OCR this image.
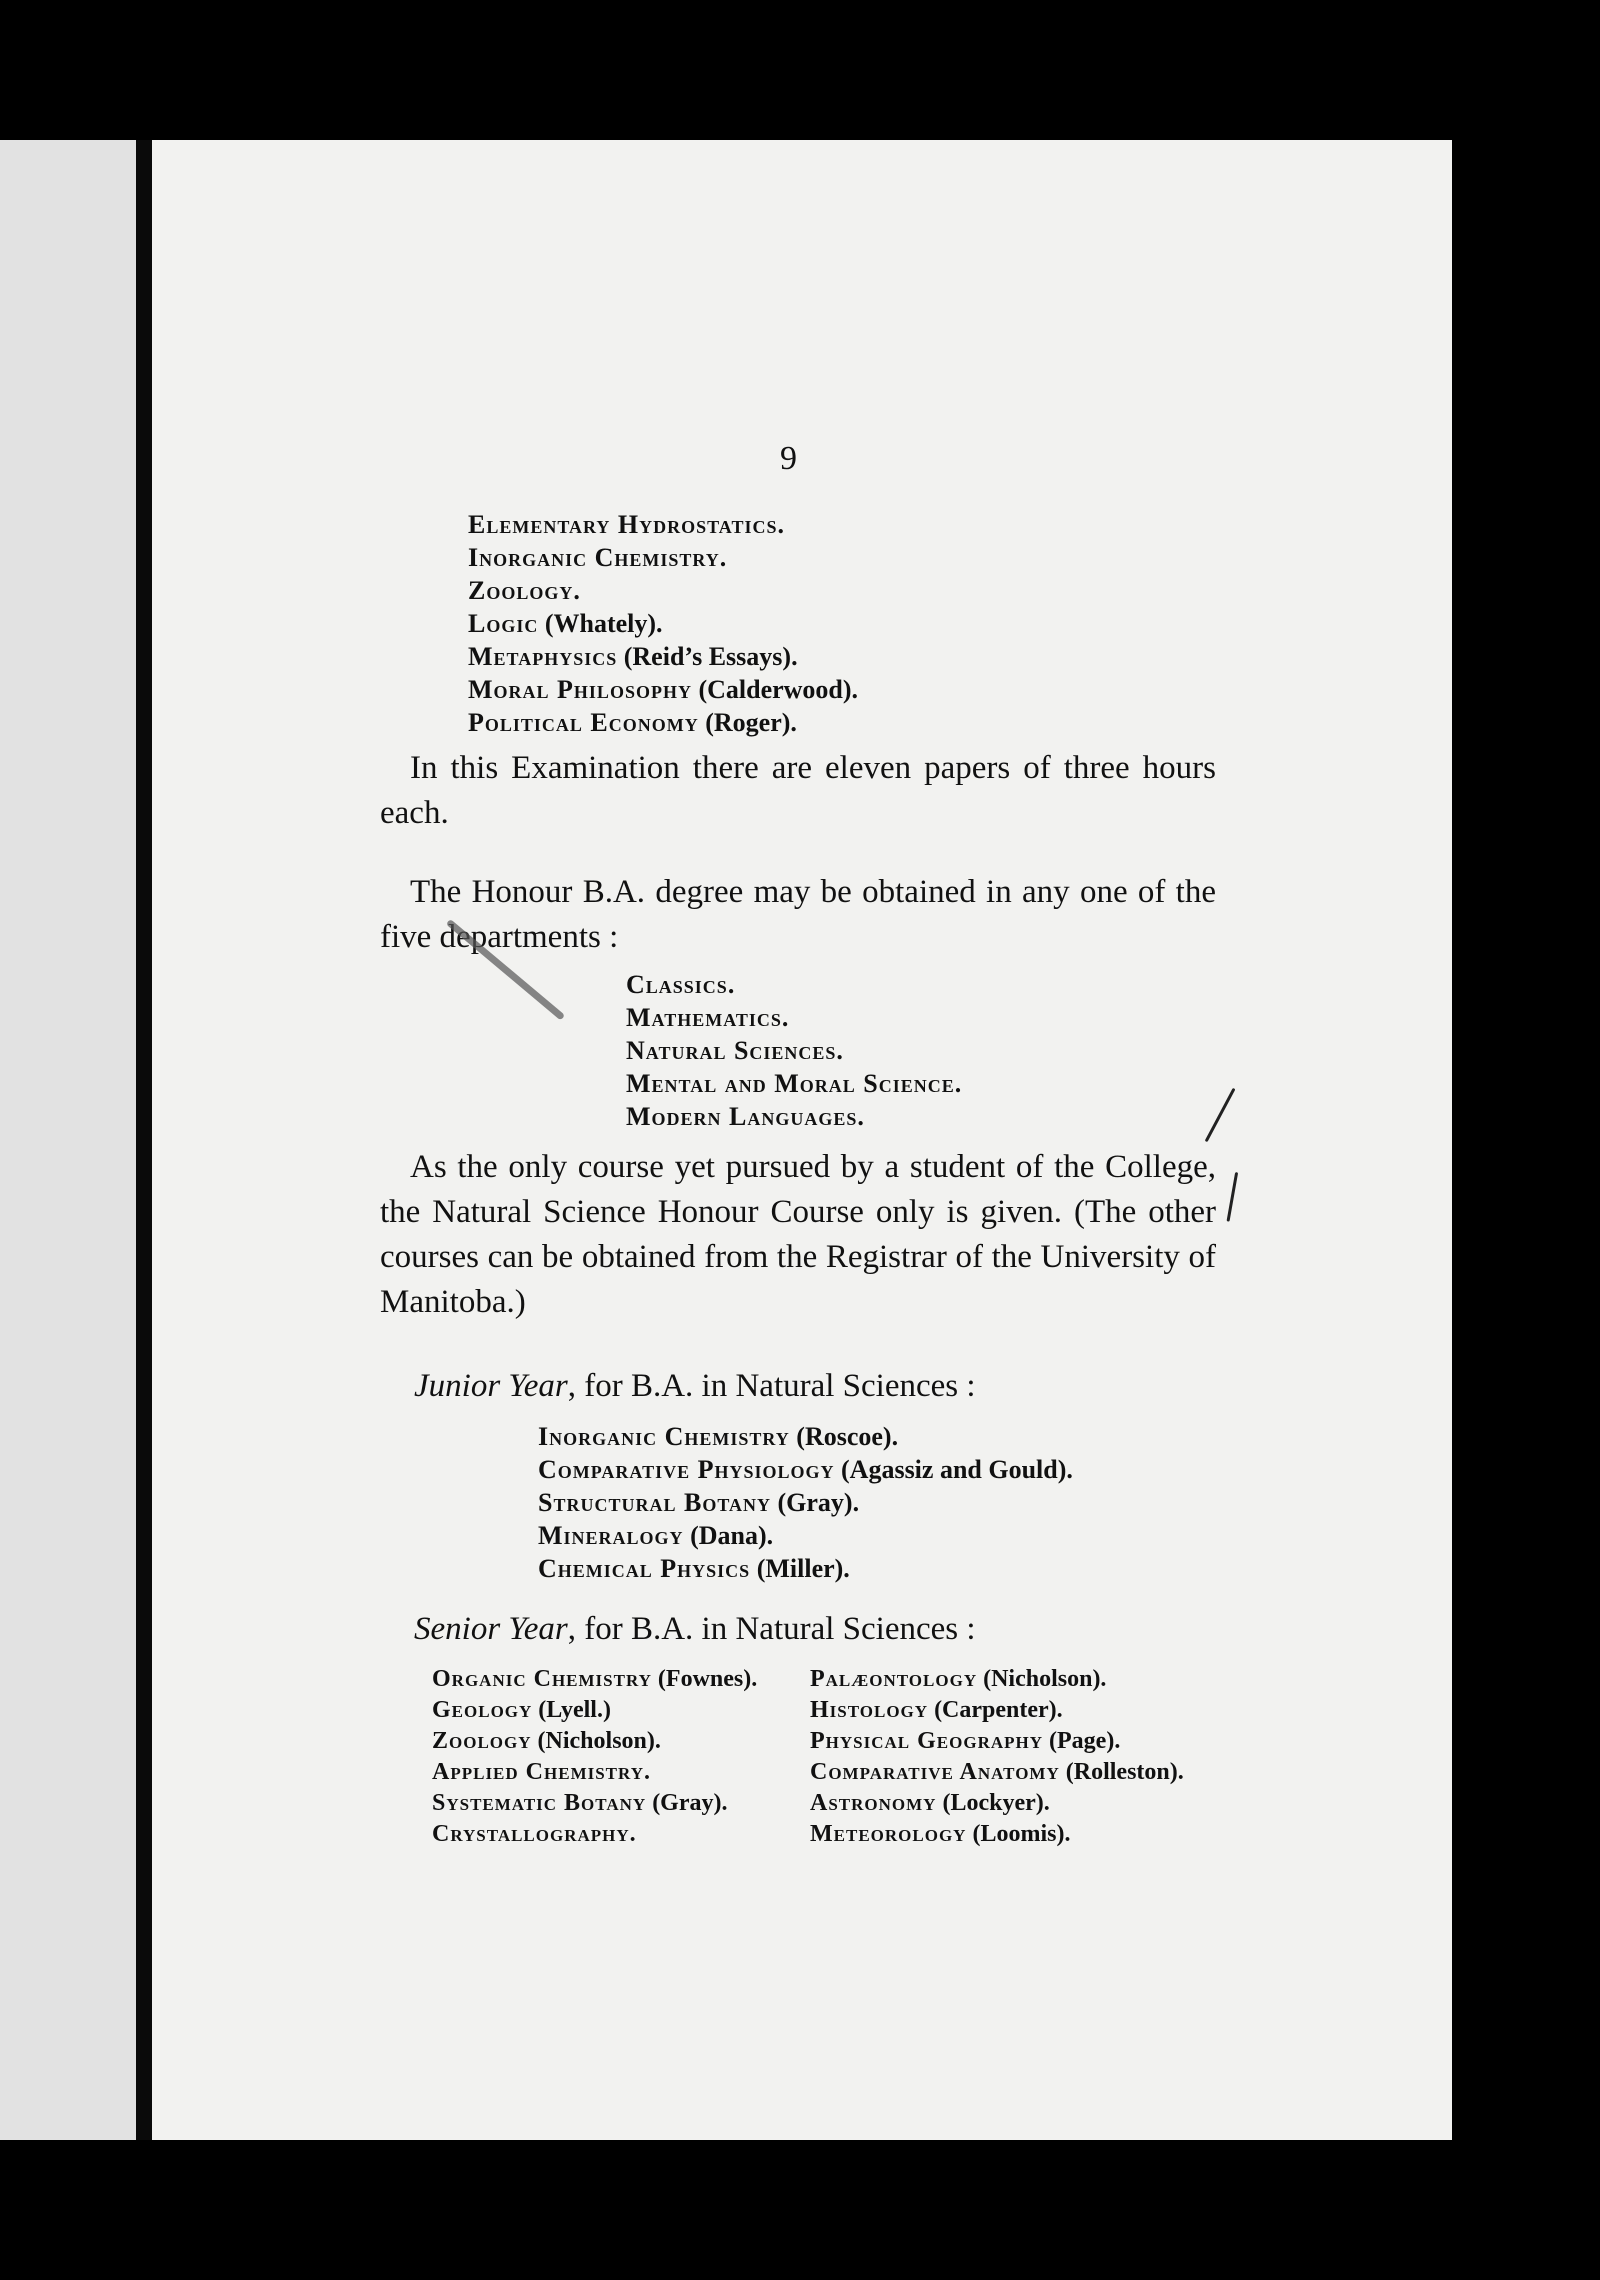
9
Elementary Hydrostatics.
Inorganic Chemistry.
Zoology.
Logic (Whately).
Metaphysics (Reid’s Essays).
Moral Philosophy (Calderwood).
Political Economy (Roger).
In this Examination there are eleven papers of three hours each.
The Honour B.A. degree may be obtained in any one of the five departments :
Classics.
Mathematics.
Natural Sciences.
Mental and Moral Science.
Modern Languages.
As the only course yet pursued by a student of the College, the Natural Science Honour Course only is given. (The other courses can be obtained from the Registrar of the University of Manitoba.)
Junior Year, for B.A. in Natural Sciences :
Inorganic Chemistry (Roscoe).
Comparative Physiology (Agassiz and Gould).
Structural Botany (Gray).
Mineralogy (Dana).
Chemical Physics (Miller).
Senior Year, for B.A. in Natural Sciences :
Organic Chemistry (Fownes).
Geology (Lyell.)
Zoology (Nicholson).
Applied Chemistry.
Systematic Botany (Gray).
Crystallography.
Palæontology (Nicholson).
Histology (Carpenter).
Physical Geography (Page).
Comparative Anatomy (Rolleston).
Astronomy (Lockyer).
Meteorology (Loomis).
